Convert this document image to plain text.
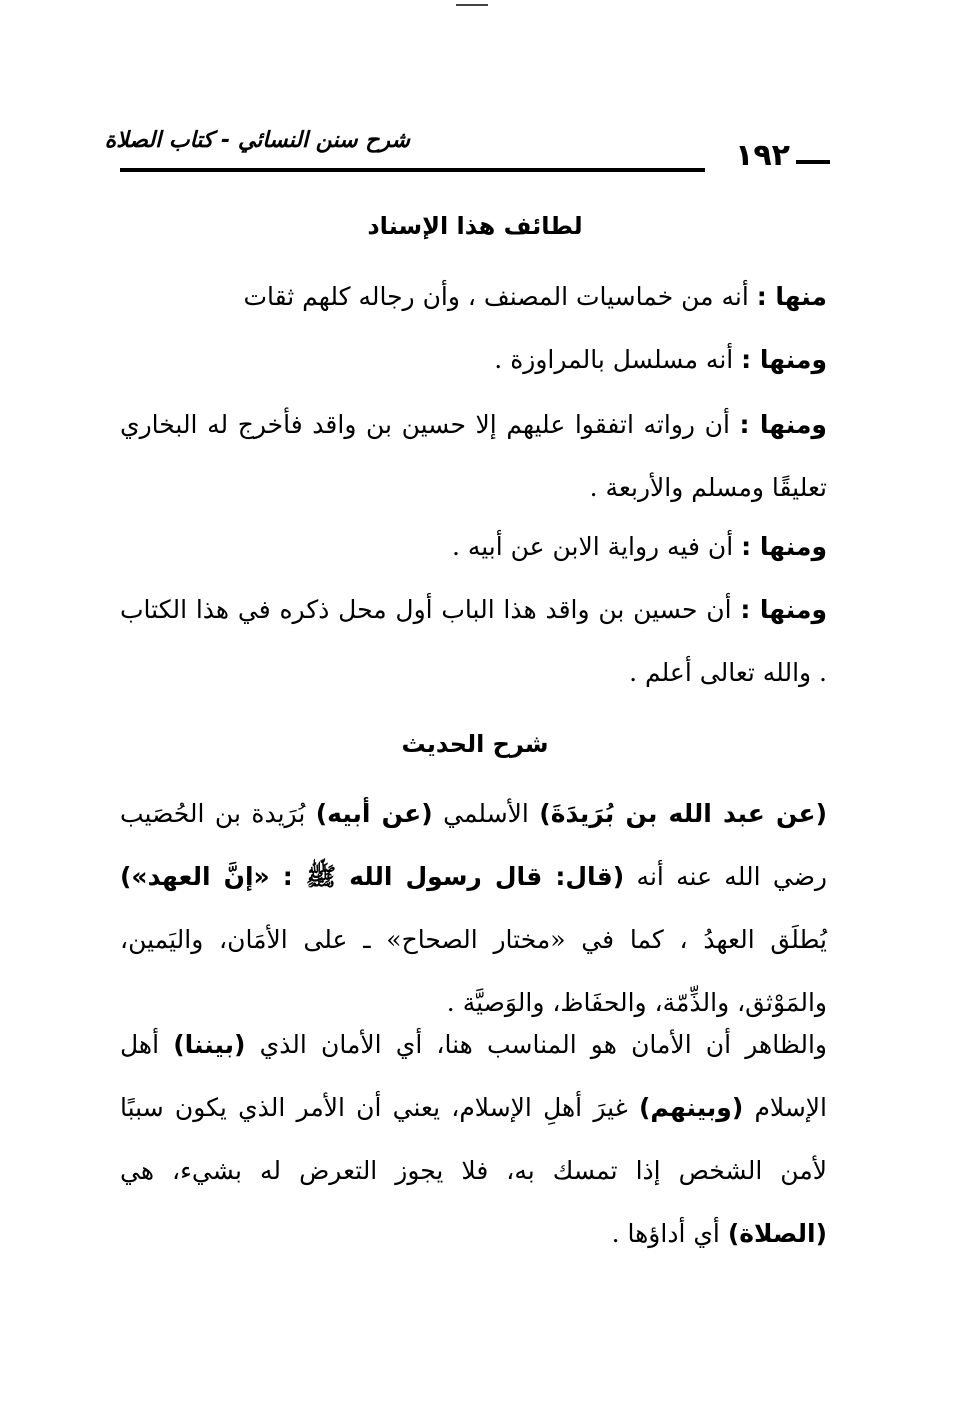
شرح سنن النسائي - كتاب الصلاة	١٩٢
لطائف هذا الإسناد
منها : أنه من خماسيات المصنف ، وأن رجاله كلهم ثقات
ومنها : أنه مسلسل بالمراوزة .
ومنها : أن رواته اتفقوا عليهم إلا حسين بن واقد فأخرج له البخاري تعليقًا ومسلم والأربعة .
ومنها : أن فيه رواية الابن عن أبيه .
ومنها : أن حسين بن واقد هذا الباب أول محل ذكره في هذا الكتاب . والله تعالى أعلم .
شرح الحديث
(عن عبد الله بن بُرَيدَةَ) الأسلمي (عن أبيه) بُرَيدة بن الحُصَيب رضي الله عنه أنه (قال: قال رسول الله ﷺ : «إنَّ العهد») يُطلَق العهدُ ، كما في «مختار الصحاح» ـ على الأمَان، واليَمين، والمَوْثق، والذِّمّة، والحفَاظ، والوَصيَّة .
والظاهر أن الأمان هو المناسب هنا، أي الأمان الذي (بيننا) أهل الإسلام (وبينهم) غيرَ أهلِ الإسلام، يعني أن الأمر الذي يكون سببًا لأمن الشخص إذا تمسك به، فلا يجوز التعرض له بشيء، هي (الصلاة) أي أداؤها .
